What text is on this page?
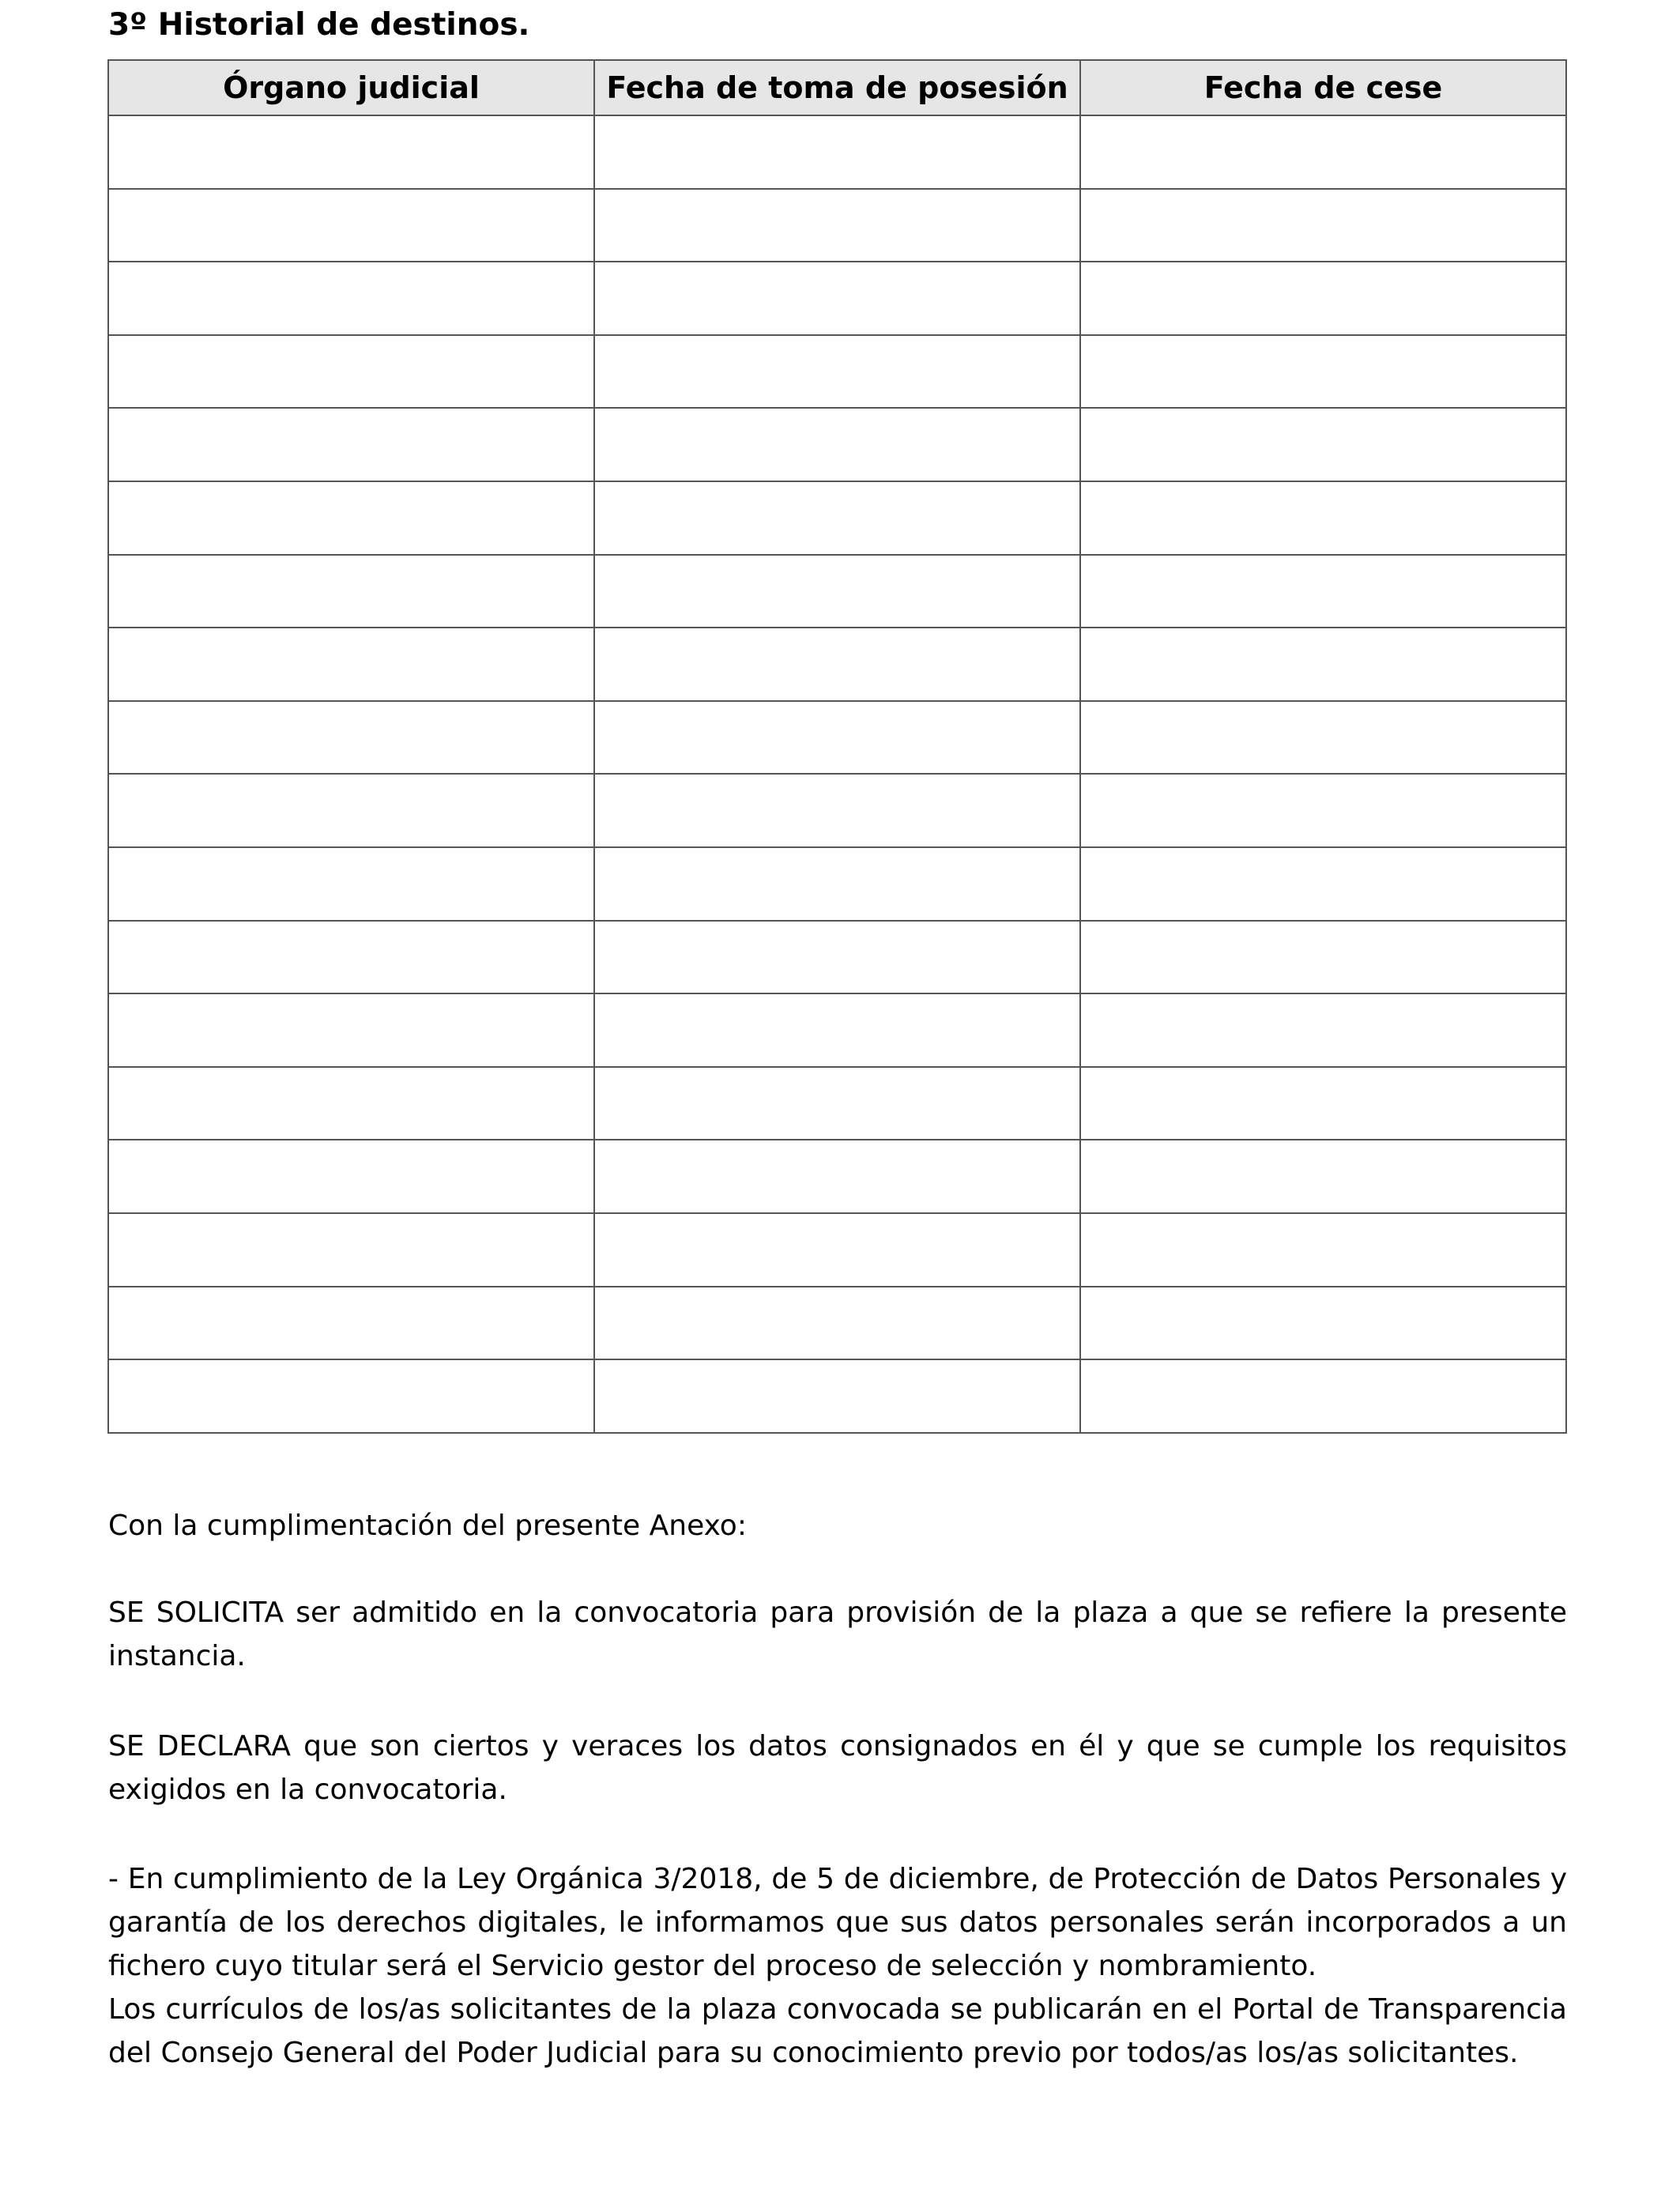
3º Historial de destinos.
Órgano judicial	Fecha de toma de posesión	Fecha de cese

Con la cumplimentación del presente Anexo:

SE SOLICITA ser admitido en la convocatoria para provisión de la plaza a que se refiere la presente instancia.

SE DECLARA que son ciertos y veraces los datos consignados en él y que se cumple los requisitos exigidos en la convocatoria.

- En cumplimiento de la Ley Orgánica 3/2018, de 5 de diciembre, de Protección de Datos Personales y garantía de los derechos digitales, le informamos que sus datos personales serán incorporados a un fichero cuyo titular será el Servicio gestor del proceso de selección y nombramiento.

Los currículos de los/as solicitantes de la plaza convocada se publicarán en el Portal de Transparencia del Consejo General del Poder Judicial para su conocimiento previo por todos/as los/as solicitantes.
